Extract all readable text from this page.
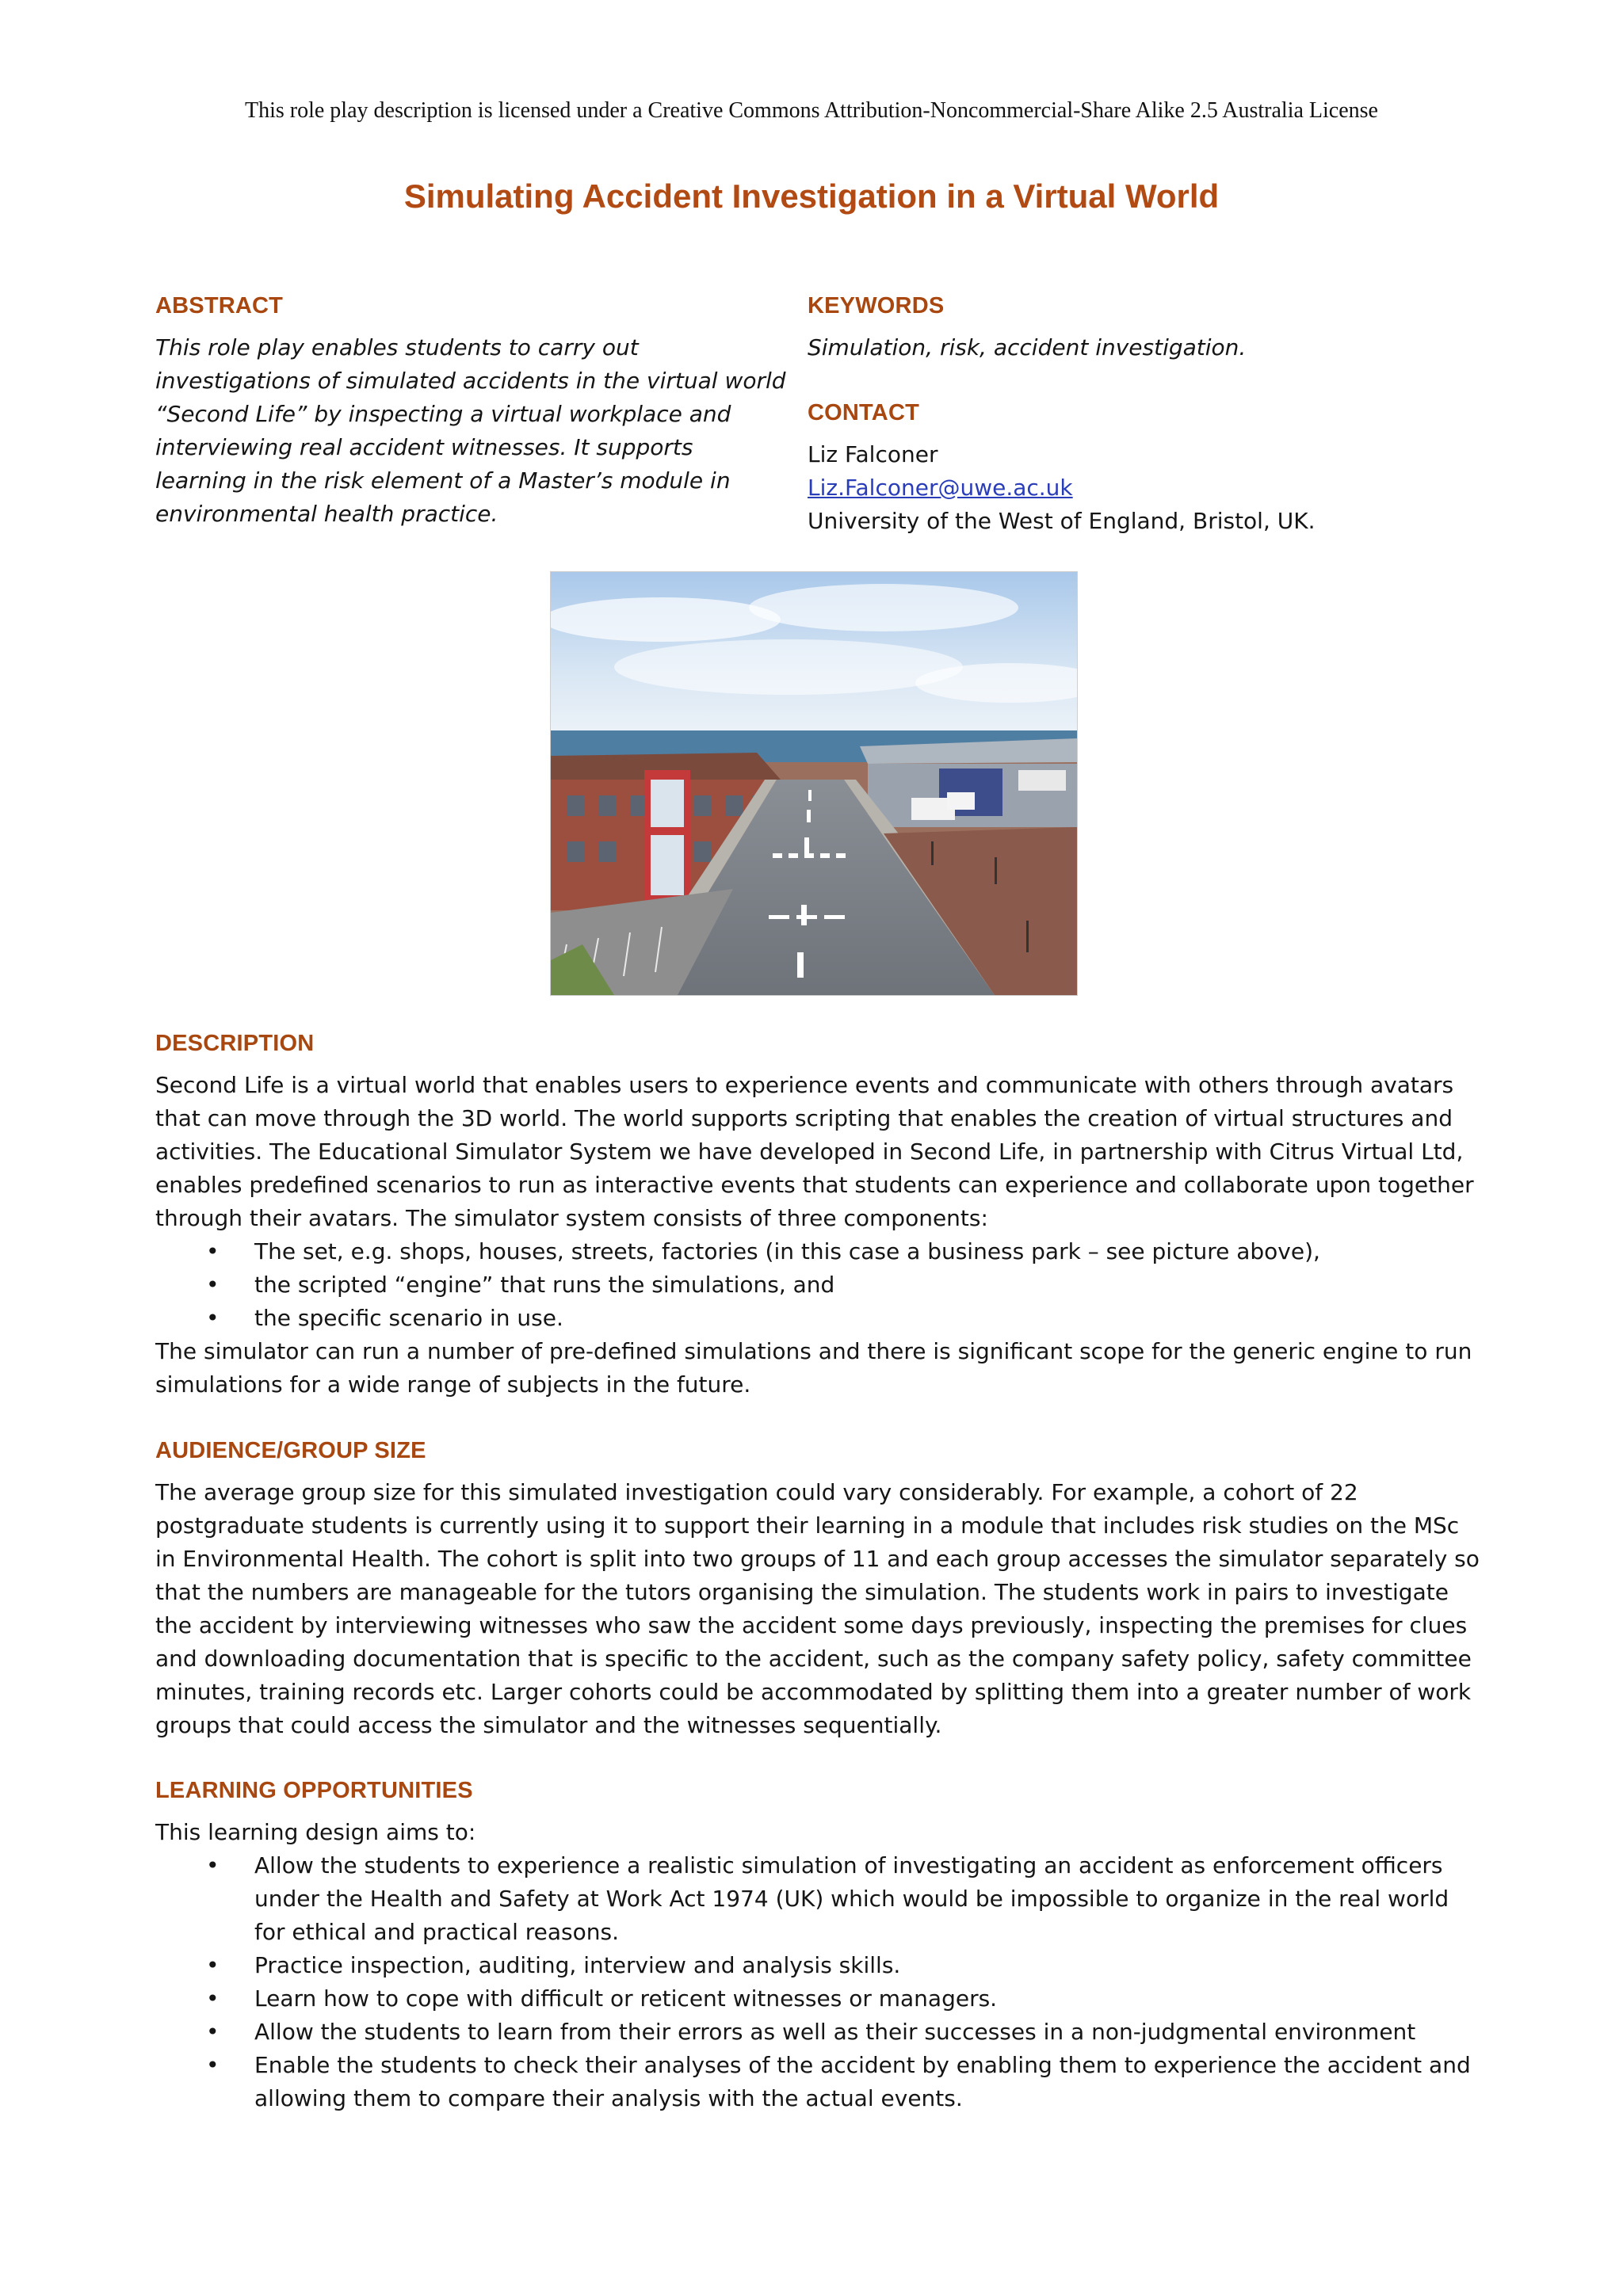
This role play description is licensed under a Creative Commons Attribution-Noncommercial-Share Alike 2.5 Australia License
Simulating Accident Investigation in a Virtual World
ABSTRACT
This role play enables students to carry out
investigations of simulated accidents in the virtual world
“Second Life” by inspecting a virtual workplace and
interviewing real accident witnesses. It supports
learning in the risk element of a Master’s module in
environmental health practice.
KEYWORDS
Simulation, risk, accident investigation.
CONTACT
Liz Falconer
Liz.Falconer@uwe.ac.uk
University of the West of England, Bristol, UK.
DESCRIPTION
Second Life is a virtual world that enables users to experience events and communicate with others through avatars
that can move through the 3D world. The world supports scripting that enables the creation of virtual structures and
activities. The Educational Simulator System we have developed in Second Life, in partnership with Citrus Virtual Ltd,
enables predefined scenarios to run as interactive events that students can experience and collaborate upon together
through their avatars. The simulator system consists of three components:
• The set, e.g. shops, houses, streets, factories (in this case a business park – see picture above),
• the scripted “engine” that runs the simulations, and
• the specific scenario in use.
The simulator can run a number of pre-defined simulations and there is significant scope for the generic engine to run
simulations for a wide range of subjects in the future.
AUDIENCE/GROUP SIZE
The average group size for this simulated investigation could vary considerably. For example, a cohort of 22
postgraduate students is currently using it to support their learning in a module that includes risk studies on the MSc
in Environmental Health. The cohort is split into two groups of 11 and each group accesses the simulator separately so
that the numbers are manageable for the tutors organising the simulation. The students work in pairs to investigate
the accident by interviewing witnesses who saw the accident some days previously, inspecting the premises for clues
and downloading documentation that is specific to the accident, such as the company safety policy, safety committee
minutes, training records etc. Larger cohorts could be accommodated by splitting them into a greater number of work
groups that could access the simulator and the witnesses sequentially.
LEARNING OPPORTUNITIES
This learning design aims to:
• Allow the students to experience a realistic simulation of investigating an accident as enforcement officers
under the Health and Safety at Work Act 1974 (UK) which would be impossible to organize in the real world
for ethical and practical reasons.
• Practice inspection, auditing, interview and analysis skills.
• Learn how to cope with difficult or reticent witnesses or managers.
• Allow the students to learn from their errors as well as their successes in a non-judgmental environment
• Enable the students to check their analyses of the accident by enabling them to experience the accident and
allowing them to compare their analysis with the actual events.
